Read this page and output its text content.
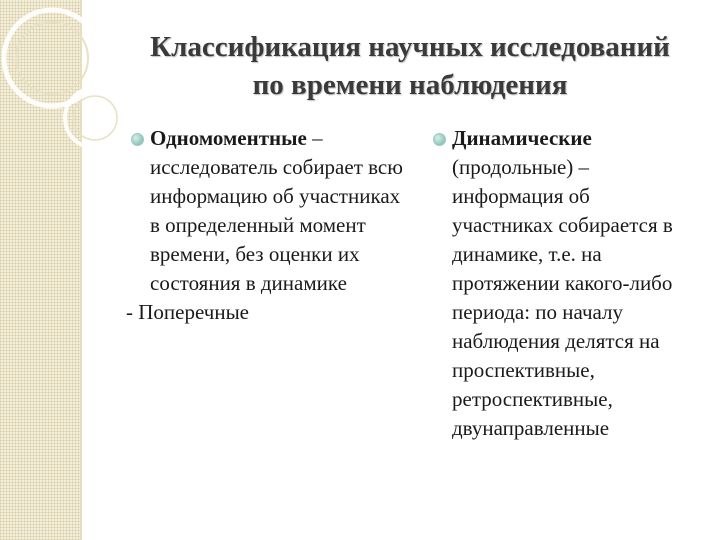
Классификация научных исследований
по времени наблюдения
Одномоментные – исследователь собирает всю информацию об участниках в определенный момент времени, без оценки их состояния в динамике
- Поперечные
Динамические (продольные) – информация об участниках собирается в динамике, т.е. на протяжении какого-либо периода: по началу наблюдения делятся на проспективные, ретроспективные, двунаправленные
